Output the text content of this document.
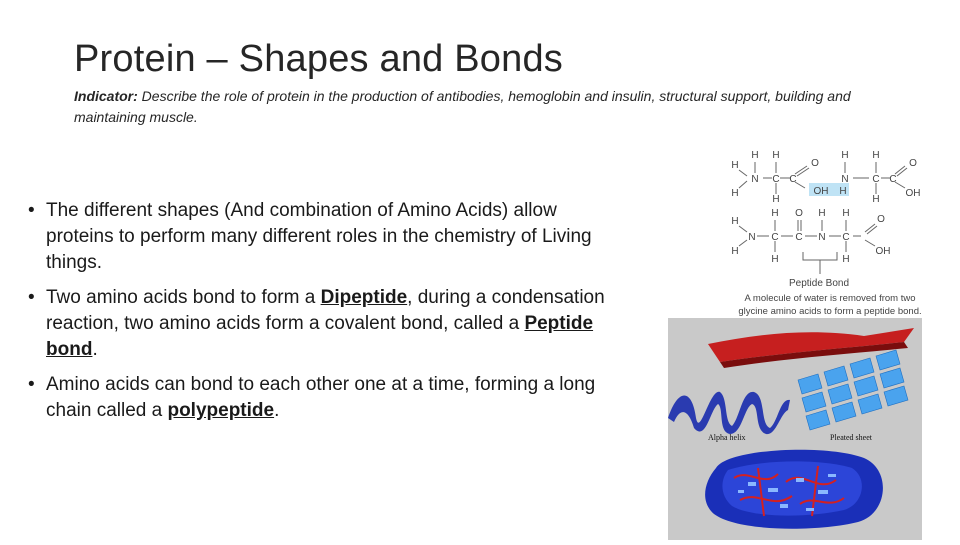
Protein – Shapes and Bonds
Indicator: Describe the role of protein in the production of antibodies, hemoglobin and insulin, structural support, building and maintaining muscle.
• The different shapes (And combination of Amino Acids) allow proteins to perform many different roles in the chemistry of Living things.
• Two amino acids bond to form a Dipeptide, during a condensation reaction, two amino acids form a covalent bond, called a Peptide bond.
• Amino acids can bond to each other one at a time, forming a long chain called a polypeptide.
H
N
H
C
H
C
O
H
H	OH H
H
N
H
C
H
C
O
OH
H
N C
H
O
C
H
N
H
C
H
O
OH
H
H
Peptide Bond
A molecule of water is removed from two
glycine amino acids to form a peptide bond.
Alpha helix	Pleated sheet
